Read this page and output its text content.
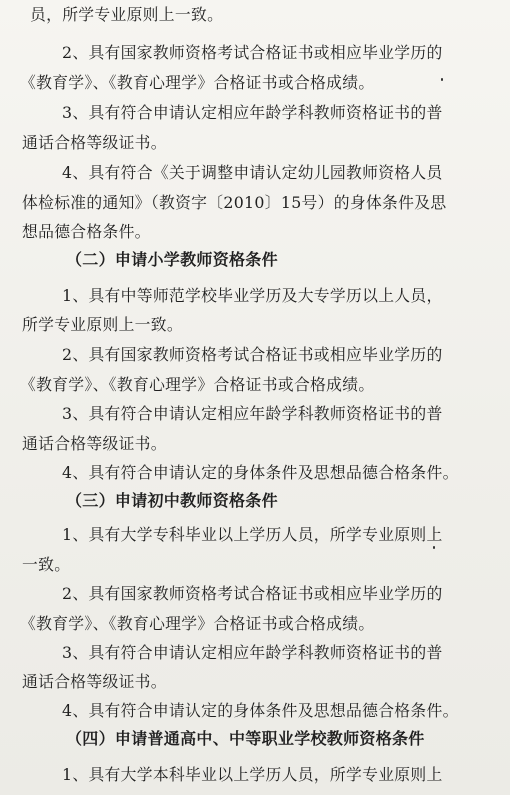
员，所学专业原则上一致。
2、具有国家教师资格考试合格证书或相应毕业学历的
《教育学》、《教育心理学》合格证书或合格成绩。
3、具有符合申请认定相应年龄学科教师资格证书的普
通话合格等级证书。
4、具有符合《关于调整申请认定幼儿园教师资格人员
体检标准的通知》（教资字〔2010〕15号）的身体条件及思
想品德合格条件。
（二）申请小学教师资格条件
1、具有中等师范学校毕业学历及大专学历以上人员，
所学专业原则上一致。
2、具有国家教师资格考试合格证书或相应毕业学历的
《教育学》、《教育心理学》合格证书或合格成绩。
3、具有符合申请认定相应年龄学科教师资格证书的普
通话合格等级证书。
4、具有符合申请认定的身体条件及思想品德合格条件。
（三）申请初中教师资格条件
1、具有大学专科毕业以上学历人员，所学专业原则上
一致。
2、具有国家教师资格考试合格证书或相应毕业学历的
《教育学》、《教育心理学》合格证书或合格成绩。
3、具有符合申请认定相应年龄学科教师资格证书的普
通话合格等级证书。
4、具有符合申请认定的身体条件及思想品德合格条件。
（四）申请普通高中、中等职业学校教师资格条件
1、具有大学本科毕业以上学历人员，所学专业原则上
